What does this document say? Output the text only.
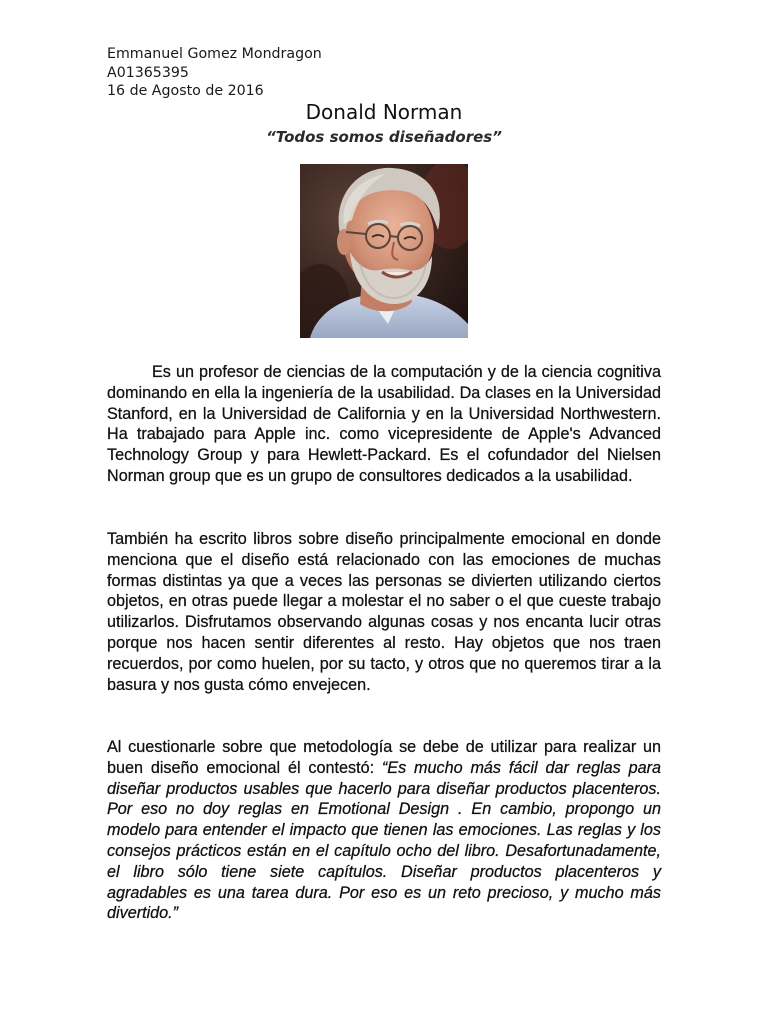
Emmanuel Gomez Mondragon
A01365395
16 de Agosto de 2016
Donald Norman
“Todos somos diseñadores”
Es un profesor de ciencias de la computación y de la ciencia cognitiva dominando en ella la ingeniería de la usabilidad. Da clases en la Universidad Stanford, en la Universidad de California y en la Universidad Northwestern. Ha trabajado para Apple inc. como vicepresidente de Apple's Advanced Technology Group y para Hewlett-Packard. Es el cofundador del Nielsen Norman group que es un grupo de consultores dedicados a la usabilidad.
También ha escrito libros sobre diseño principalmente emocional en donde menciona que el diseño está relacionado con las emociones de muchas formas distintas ya que a veces las personas se divierten utilizando ciertos objetos, en otras puede llegar a molestar el no saber o el que cueste trabajo utilizarlos. Disfrutamos observando algunas cosas y nos encanta lucir otras porque nos hacen sentir diferentes al resto. Hay objetos que nos traen recuerdos, por como huelen, por su tacto, y otros que no queremos tirar a la basura y nos gusta cómo envejecen.
Al cuestionarle sobre que metodología se debe de utilizar para realizar un buen diseño emocional él contestó: “Es mucho más fácil dar reglas para diseñar productos usables que hacerlo para diseñar productos placenteros. Por eso no doy reglas en Emotional Design . En cambio, propongo un modelo para entender el impacto que tienen las emociones. Las reglas y los consejos prácticos están en el capítulo ocho del libro. Desafortunadamente, el libro sólo tiene siete capítulos. Diseñar productos placenteros y agradables es una tarea dura. Por eso es un reto precioso, y mucho más divertido.”
